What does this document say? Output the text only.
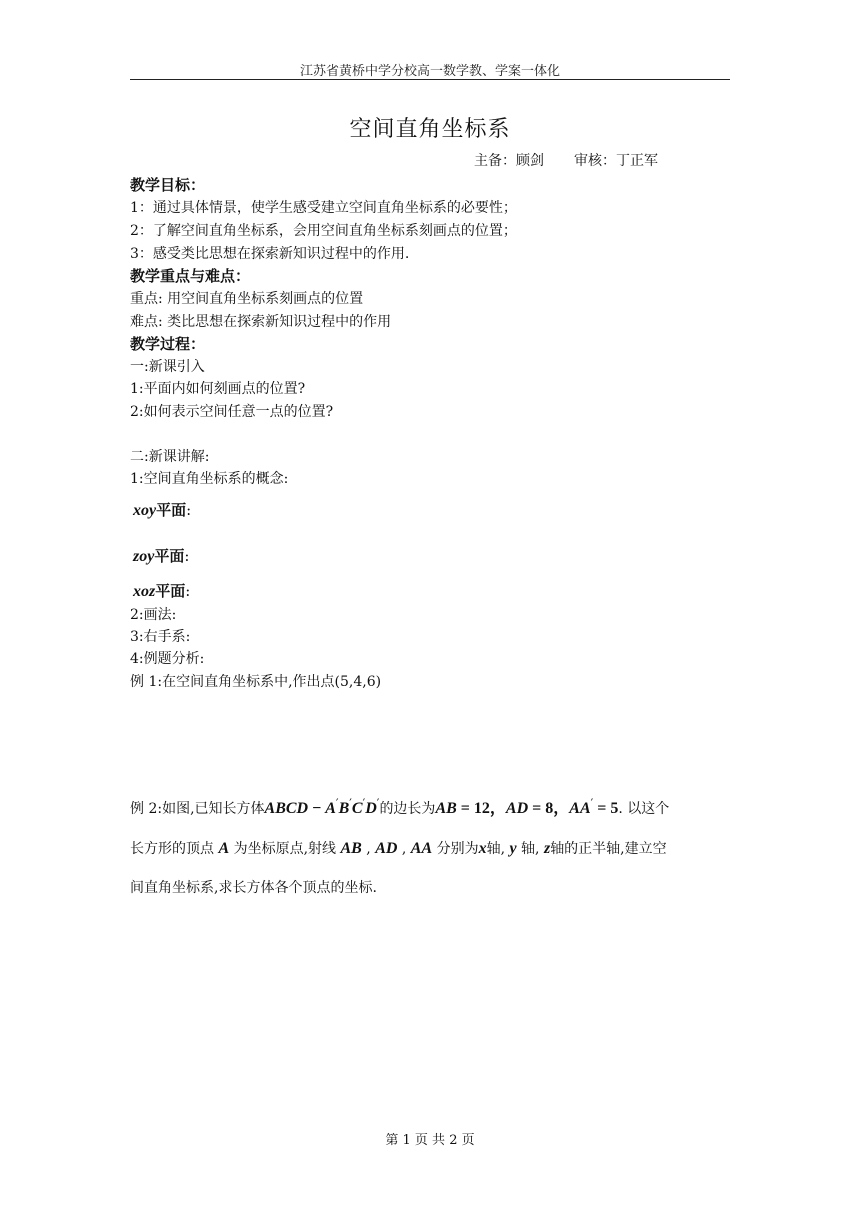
江苏省黄桥中学分校高一数学教、学案一体化
空间直角坐标系
主备：顾剑 审核：丁正军
教学目标：
1：通过具体情景，使学生感受建立空间直角坐标系的必要性；
2：了解空间直角坐标系，会用空间直角坐标系刻画点的位置；
3：感受类比思想在探索新知识过程中的作用.
教学重点与难点：
重点: 用空间直角坐标系刻画点的位置
难点: 类比思想在探索新知识过程中的作用
教学过程：
一:新课引入
1:平面内如何刻画点的位置?
2:如何表示空间任意一点的位置?
二:新课讲解:
1:空间直角坐标系的概念:
xoy平面:
zoy平面:
xoz平面:
2:画法:
3:右手系:
4:例题分析:
例 1:在空间直角坐标系中,作出点(5,4,6)
例 2:如图,已知长方体ABCD − A′B′C′D′的边长为AB = 12，AD = 8，AA′ = 5. 以这个
长方形的顶点 A 为坐标原点,射线 AB , AD , AA 分别为x轴, y 轴, z轴的正半轴,建立空
间直角坐标系,求长方体各个顶点的坐标.
第 1 页 共 2 页
